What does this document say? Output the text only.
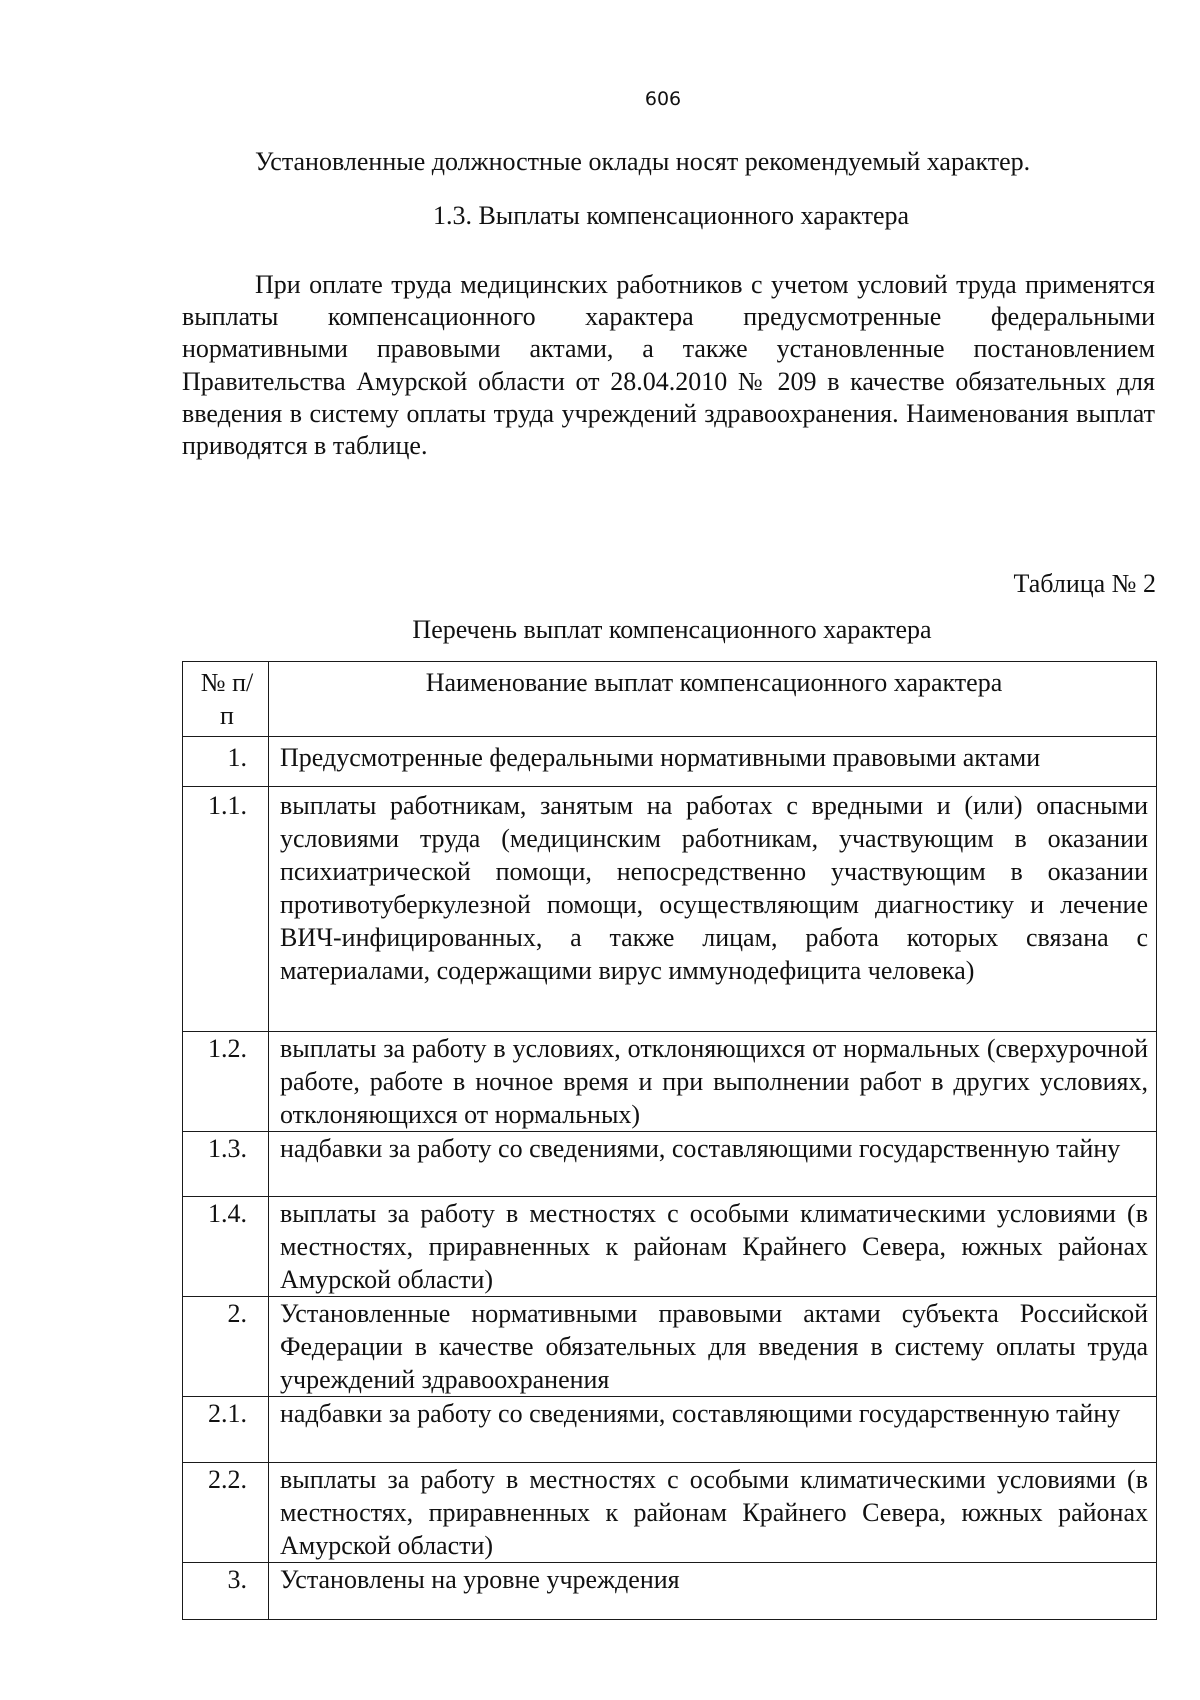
606
Установленные должностные оклады носят рекомендуемый характер.
1.3. Выплаты компенсационного характера
При оплате труда медицинских работников с учетом условий труда применятся выплаты компенсационного характера предусмотренные федеральными нормативными правовыми актами, а также установленные постановлением Правительства Амурской области от 28.04.2010 № 209 в качестве обязательных для введения в систему оплаты труда учреждений здравоохранения. Наименования выплат приводятся в таблице.
Таблица № 2
Перечень выплат компенсационного характера
№ п/п	Наименование выплат компенсационного характера
1.	Предусмотренные федеральными нормативными правовыми актами
1.1.	выплаты работникам, занятым на работах с вредными и (или) опасными условиями труда (медицинским работникам, участвующим в оказании психиатрической помощи, непосредственно участвующим в оказании противотуберкулезной помощи, осуществляющим диагностику и лечение ВИЧ-инфицированных, а также лицам, работа которых связана с материалами, содержащими вирус иммунодефицита человека)
1.2.	выплаты за работу в условиях, отклоняющихся от нормальных (сверхурочной работе, работе в ночное время и при выполнении работ в других условиях, отклоняющихся от нормальных)
1.3.	надбавки за работу со сведениями, составляющими государственную тайну
1.4.	выплаты за работу в местностях с особыми климатическими условиями (в местностях, приравненных к районам Крайнего Севера, южных районах Амурской области)
2.	Установленные нормативными правовыми актами субъекта Российской Федерации в качестве обязательных для введения в систему оплаты труда учреждений здравоохранения
2.1.	надбавки за работу со сведениями, составляющими государственную тайну
2.2.	выплаты за работу в местностях с особыми климатическими условиями (в местностях, приравненных к районам Крайнего Севера, южных районах Амурской области)
3.	Установлены на уровне учреждения
